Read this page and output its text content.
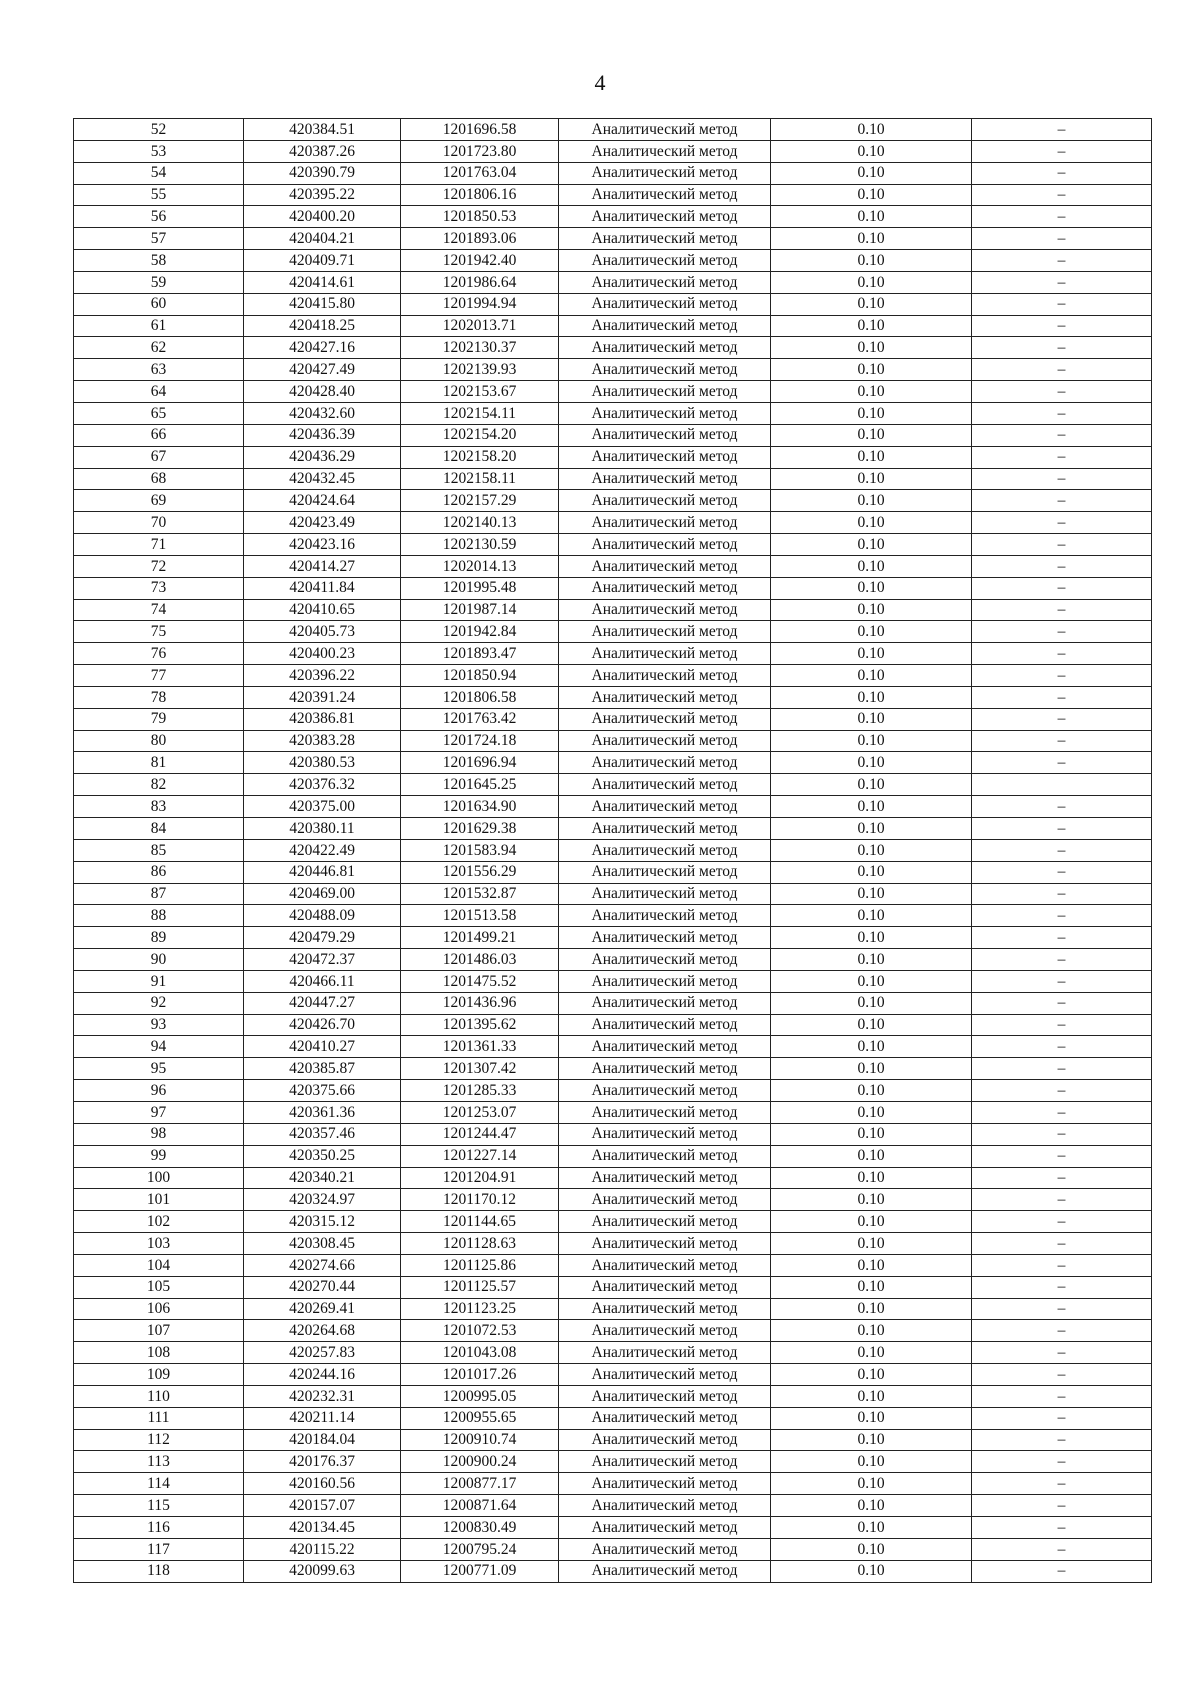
4
52	420384.51	1201696.58	Аналитический метод	0.10	–
53	420387.26	1201723.80	Аналитический метод	0.10	–
54	420390.79	1201763.04	Аналитический метод	0.10	–
55	420395.22	1201806.16	Аналитический метод	0.10	–
56	420400.20	1201850.53	Аналитический метод	0.10	–
57	420404.21	1201893.06	Аналитический метод	0.10	–
58	420409.71	1201942.40	Аналитический метод	0.10	–
59	420414.61	1201986.64	Аналитический метод	0.10	–
60	420415.80	1201994.94	Аналитический метод	0.10	–
61	420418.25	1202013.71	Аналитический метод	0.10	–
62	420427.16	1202130.37	Аналитический метод	0.10	–
63	420427.49	1202139.93	Аналитический метод	0.10	–
64	420428.40	1202153.67	Аналитический метод	0.10	–
65	420432.60	1202154.11	Аналитический метод	0.10	–
66	420436.39	1202154.20	Аналитический метод	0.10	–
67	420436.29	1202158.20	Аналитический метод	0.10	–
68	420432.45	1202158.11	Аналитический метод	0.10	–
69	420424.64	1202157.29	Аналитический метод	0.10	–
70	420423.49	1202140.13	Аналитический метод	0.10	–
71	420423.16	1202130.59	Аналитический метод	0.10	–
72	420414.27	1202014.13	Аналитический метод	0.10	–
73	420411.84	1201995.48	Аналитический метод	0.10	–
74	420410.65	1201987.14	Аналитический метод	0.10	–
75	420405.73	1201942.84	Аналитический метод	0.10	–
76	420400.23	1201893.47	Аналитический метод	0.10	–
77	420396.22	1201850.94	Аналитический метод	0.10	–
78	420391.24	1201806.58	Аналитический метод	0.10	–
79	420386.81	1201763.42	Аналитический метод	0.10	–
80	420383.28	1201724.18	Аналитический метод	0.10	–
81	420380.53	1201696.94	Аналитический метод	0.10	–
82	420376.32	1201645.25	Аналитический метод	0.10	
83	420375.00	1201634.90	Аналитический метод	0.10	–
84	420380.11	1201629.38	Аналитический метод	0.10	–
85	420422.49	1201583.94	Аналитический метод	0.10	–
86	420446.81	1201556.29	Аналитический метод	0.10	–
87	420469.00	1201532.87	Аналитический метод	0.10	–
88	420488.09	1201513.58	Аналитический метод	0.10	–
89	420479.29	1201499.21	Аналитический метод	0.10	–
90	420472.37	1201486.03	Аналитический метод	0.10	–
91	420466.11	1201475.52	Аналитический метод	0.10	–
92	420447.27	1201436.96	Аналитический метод	0.10	–
93	420426.70	1201395.62	Аналитический метод	0.10	–
94	420410.27	1201361.33	Аналитический метод	0.10	–
95	420385.87	1201307.42	Аналитический метод	0.10	–
96	420375.66	1201285.33	Аналитический метод	0.10	–
97	420361.36	1201253.07	Аналитический метод	0.10	–
98	420357.46	1201244.47	Аналитический метод	0.10	–
99	420350.25	1201227.14	Аналитический метод	0.10	–
100	420340.21	1201204.91	Аналитический метод	0.10	–
101	420324.97	1201170.12	Аналитический метод	0.10	–
102	420315.12	1201144.65	Аналитический метод	0.10	–
103	420308.45	1201128.63	Аналитический метод	0.10	–
104	420274.66	1201125.86	Аналитический метод	0.10	–
105	420270.44	1201125.57	Аналитический метод	0.10	–
106	420269.41	1201123.25	Аналитический метод	0.10	–
107	420264.68	1201072.53	Аналитический метод	0.10	–
108	420257.83	1201043.08	Аналитический метод	0.10	–
109	420244.16	1201017.26	Аналитический метод	0.10	–
110	420232.31	1200995.05	Аналитический метод	0.10	–
111	420211.14	1200955.65	Аналитический метод	0.10	–
112	420184.04	1200910.74	Аналитический метод	0.10	–
113	420176.37	1200900.24	Аналитический метод	0.10	–
114	420160.56	1200877.17	Аналитический метод	0.10	–
115	420157.07	1200871.64	Аналитический метод	0.10	–
116	420134.45	1200830.49	Аналитический метод	0.10	–
117	420115.22	1200795.24	Аналитический метод	0.10	–
118	420099.63	1200771.09	Аналитический метод	0.10	–
